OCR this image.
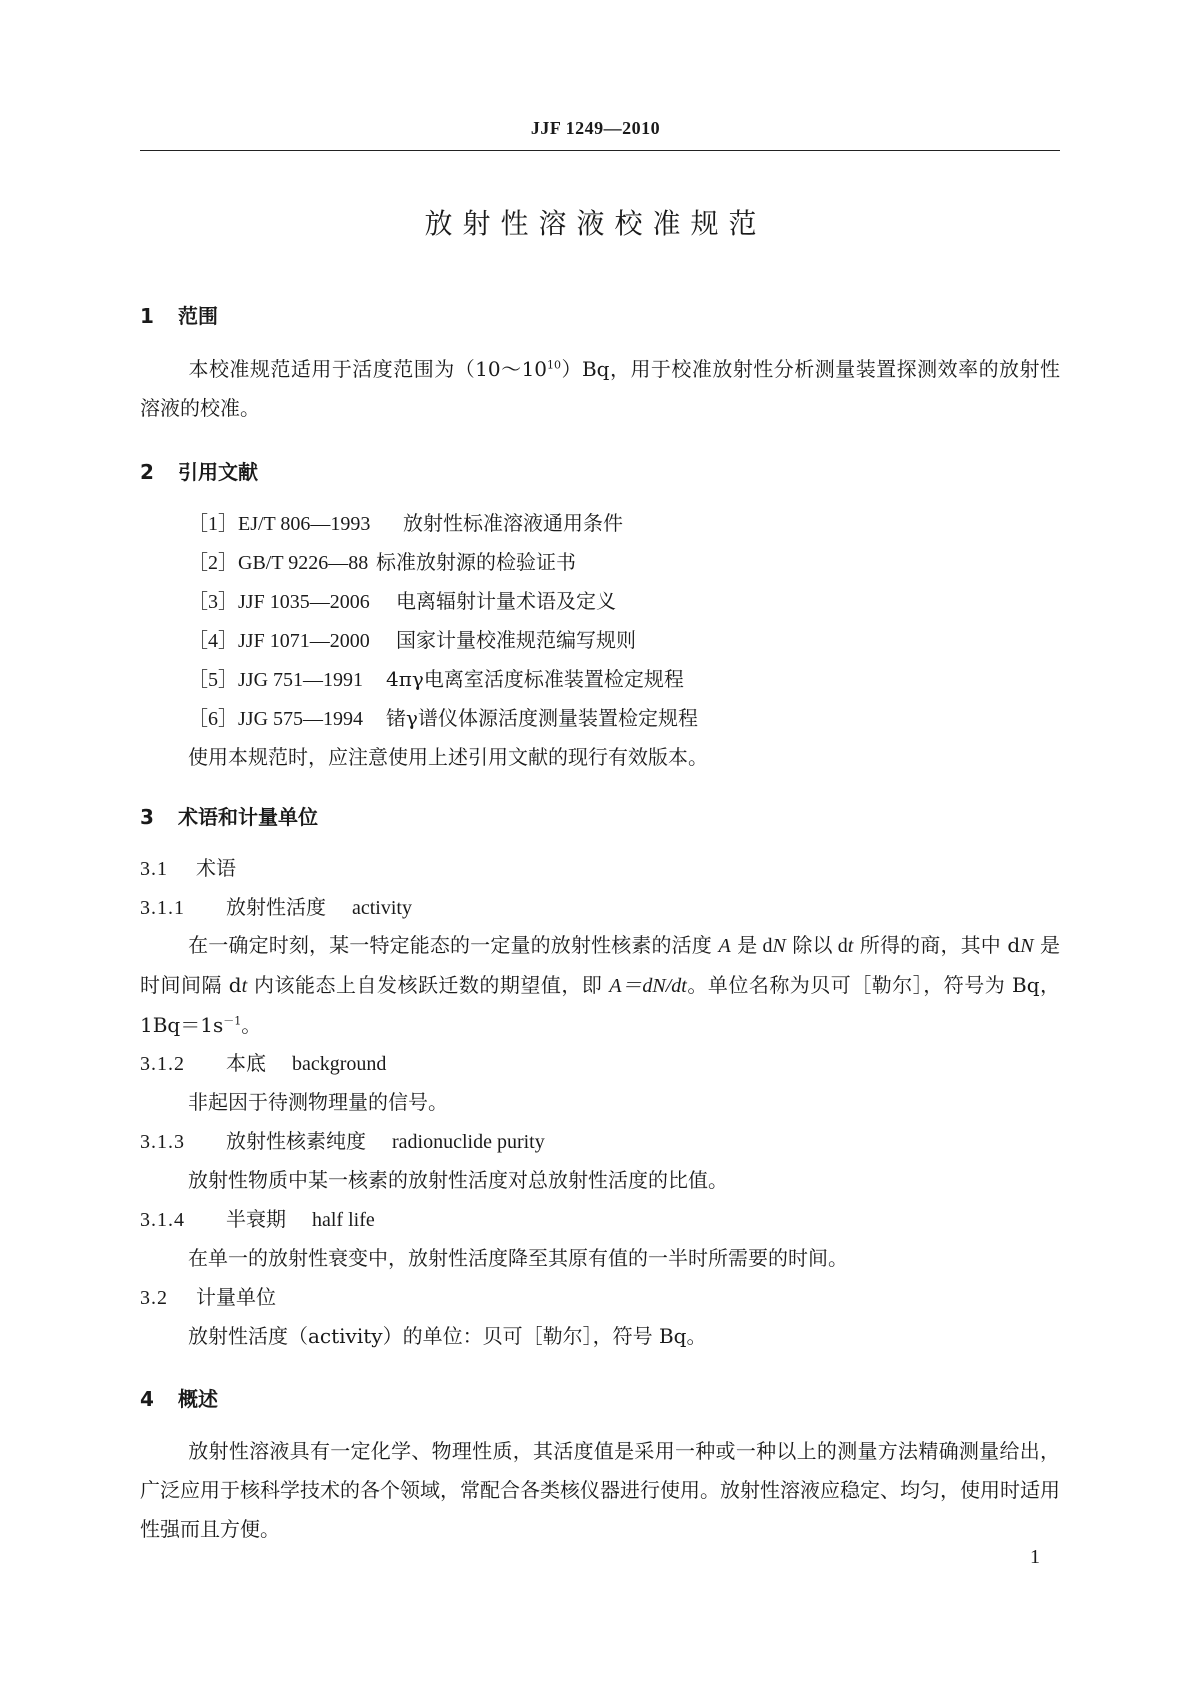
JJF 1249—2010
放射性溶液校准规范
1 范围
本校准规范适用于活度范围为$(10\sim 10^{10})Bq$，用于校准放射性分析测量装置探测效率的放射性溶液的校准。
2 引用文献
［1］EJ/T 806—1993 放射性标准溶液通用条件
［2］GB/T 9226—88 标准放射源的检验证书
［3］JJF 1035—2006 电离辐射计量术语及定义
［4］JJF 1071—2000 国家计量校准规范编写规则
［5］JJG 751—1991 4πγ电离室活度标准装置检定规程
［6］JJG 575—1994 锗γ谱仪体源活度测量装置检定规程
使用本规范时，应注意使用上述引用文献的现行有效版本。
3 术语和计量单位
3.1 术语
3.1.1 放射性活度 activity
在一确定时刻，某一特定能态的一定量的放射性核素的活度 A 是 dN 除以 dt 所得的商，其中 dN 是时间间隔 dt 内该能态上自发核跃迁数的期望值，即 A＝dN/dt。单位名称为贝可［勒尔］，符号为 Bq，$1Bq=1s^{-1}$。
3.1.2 本底 background
非起因于待测物理量的信号。
3.1.3 放射性核素纯度 radionuclide purity
放射性物质中某一核素的放射性活度对总放射性活度的比值。
3.1.4 半衰期 half life
在单一的放射性衰变中，放射性活度降至其原有值的一半时所需要的时间。
3.2 计量单位
放射性活度（activity）的单位：贝可［勒尔］，符号 Bq。
4 概述
放射性溶液具有一定化学、物理性质，其活度值是采用一种或一种以上的测量方法精确测量给出，广泛应用于核科学技术的各个领域，常配合各类核仪器进行使用。放射性溶液应稳定、均匀，使用时适用性强而且方便。
1
